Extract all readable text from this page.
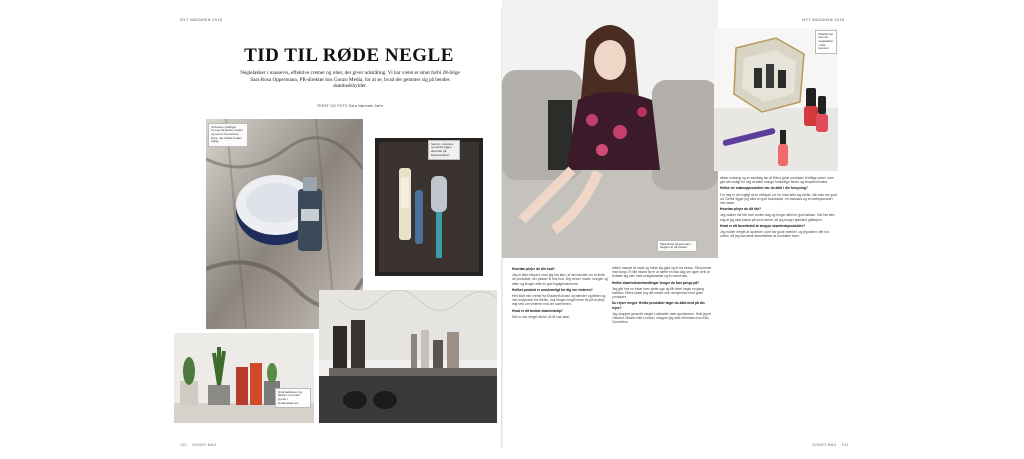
NYT MAGASIN 2015	NYT MAGASIN 2015
TID TIL RØDE NEGLE
Neglelakker i massevis, effektive cremer og olier, der giver udstråling. Vi har været et smut forbi 28-årige Sara Rosa Oppermann, PR-direktør hos Gonzo Media, for at se, hvad der gemmer sig på hendes skønhedshylder.
TEKST OG FOTO Sara Nørmark Jæhr
Vinterens yndlinge: Creme fra Estée Lauder og serum fra samme serie, der holder huden fugtig.
Serum, mascara og børste ligger altid klar på badeværelset.
Små kaktusser og flasker med olier pynter i vindueskarmen.
Sara Rosa Oppermann slapper af på sofaen.
Glasskrinet rummer neglelakker i røde nuancer.

Hvordan plejer du din hud?

Jeg er ikke ekspert, men jeg har lært, at det handler om at finde de produkter, der passer til ens hud. Jeg renser huden morgen og aften og bruger altid en god fugtighedscreme.

Hvilket produkt er uundværligt for dig om vinteren?

Helt klart min creme fra Elizabeth Arden og hænder og læber og min bodylotion fra Kiehls. Jeg bruger meget mere tid på at pleje mig selv om vinteren end om sommeren.

Hvad er dit bedste skønhedstip?

Det er nok meget kliché. At få nok søvn,

drikke masser af vand og holde sig glad og fri fra stress. Så kommer man langt. Et lille ekstra tip er at sætte en fast dag om ugen af til at forkæle sig selv med ansigtsmaske og et varmt bad.

Hvilke skønhedsbehandlinger bruger du fast penge på?

Jeg går hos en frisør hver sjette uge og får lavet negle en gang imellem. Ellers klarer jeg det meste selv derhjemme med gode produkter.

Du rejser meget. Hvilke produkter tager du altid med på din rejse?

Jeg shopper generelt meget i udlandet, især apotekerne. Hvis jeg er i Madrid, Milano eller London, shopper jeg altid lidt ekstra hos Kiko Cosmetics.

sikker makeup og er samtidig fan af Kikos gode produkter til billige priser, som gør det muligt for mig at købe mange forskellige farver og eksperimentere.

Hvilke tre makeupprodukter har du altid i din forsyning?

For mig er det vigtigt at se veltilpas ud, for man føler sig bedst, når man ser godt ud. Derfor ligger jeg altid en god foundation, en mascara og en læbepomade i min taske.

Hvordan plejer du dit hår?

Jeg vasker mit hår hver anden dag og bruger altid en god balsam. Det har lært mig at jeg skal passe på med varme, så jeg bruger sjældent glattejern.

Hvad er dit favoritsted at shoppe skønhedsprodukter?

Jeg holder meget af apoteker, som har gode mærker, og jeg køber ofte ind online, så jeg kan læse anmeldelser af produkter først.

100 GONZO MAG	GONZO MAG 101
